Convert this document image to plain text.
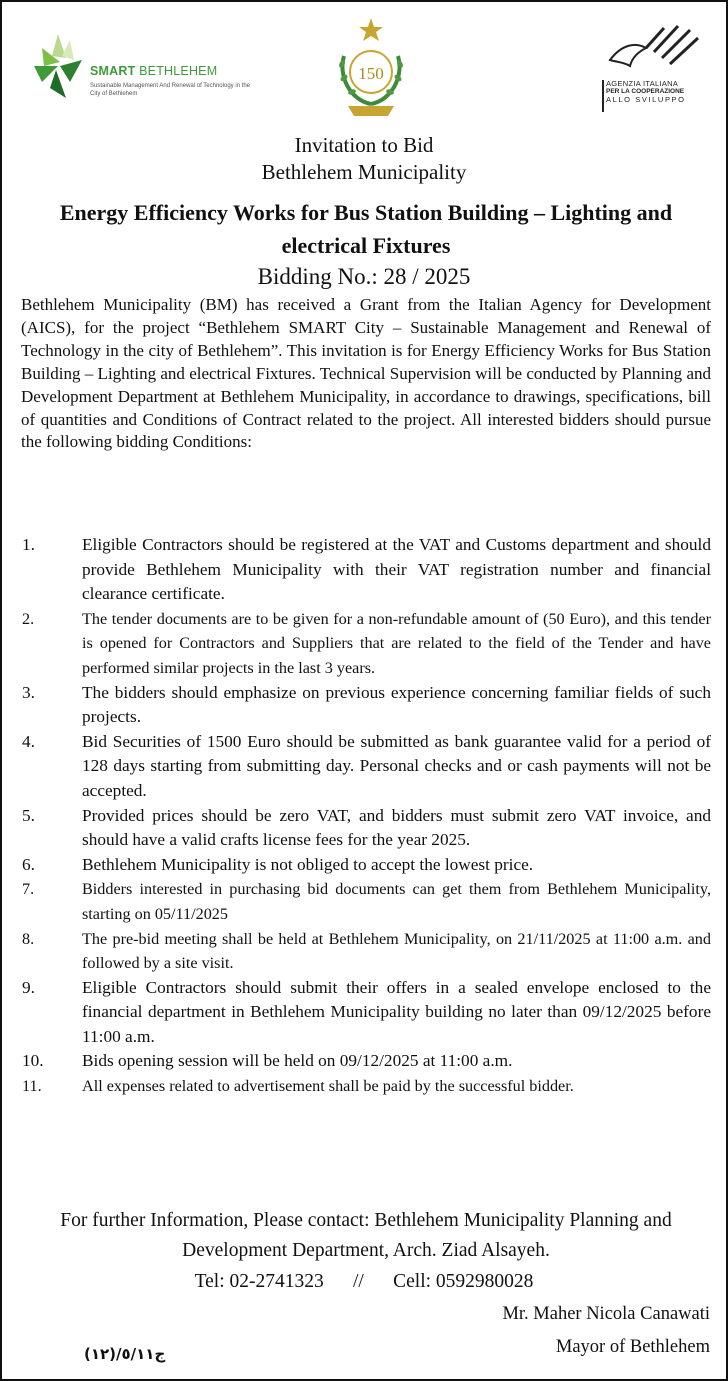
SMART BETHLEHEM
Sustainable Management And Renewal of Technology in the City of Bethlehem
150
AGENZIA ITALIANA
PER LA COOPERAZIONE
ALLO SVILUPPO
Invitation to Bid
Bethlehem Municipality
Energy Efficiency Works for Bus Station Building – Lighting and electrical Fixtures
Bidding No.: 28 / 2025
Bethlehem Municipality (BM) has received a Grant from the Italian Agency for Development (AICS), for the project “Bethlehem SMART City – Sustainable Management and Renewal of Technology in the city of Bethlehem”. This invitation is for Energy Efficiency Works for Bus Station Building – Lighting and electrical Fixtures. Technical Supervision will be conducted by Planning and Development Department at Bethlehem Municipality, in accordance to drawings, specifications, bill of quantities and Conditions of Contract related to the project. All interested bidders should pursue the following bidding Conditions:
1.	Eligible Contractors should be registered at the VAT and Customs department and should provide Bethlehem Municipality with their VAT registration number and financial clearance certificate.
2.	The tender documents are to be given for a non-refundable amount of (50 Euro), and this tender is opened for Contractors and Suppliers that are related to the field of the Tender and have performed similar projects in the last 3 years.
3.	The bidders should emphasize on previous experience concerning familiar fields of such projects.
4.	Bid Securities of 1500 Euro should be submitted as bank guarantee valid for a period of 128 days starting from submitting day. Personal checks and or cash payments will not be accepted.
5.	Provided prices should be zero VAT, and bidders must submit zero VAT invoice, and should have a valid crafts license fees for the year 2025.
6.	Bethlehem Municipality is not obliged to accept the lowest price.
7.	Bidders interested in purchasing bid documents can get them from Bethlehem Municipality, starting on 05/11/2025
8.	The pre-bid meeting shall be held at Bethlehem Municipality, on 21/11/2025 at 11:00 a.m. and followed by a site visit.
9.	Eligible Contractors should submit their offers in a sealed envelope enclosed to the financial department in Bethlehem Municipality building no later than 09/12/2025 before 11:00 a.m.
10. Bids opening session will be held on 09/12/2025 at 11:00 a.m.
11. All expenses related to advertisement shall be paid by the successful bidder.
For further Information, Please contact: Bethlehem Municipality Planning and Development Department, Arch. Ziad Alsayeh.
Tel: 02-2741323 // Cell: 0592980028
Mr. Maher Nicola Canawati
Mayor of Bethlehem
ج٥/١١/(١٢)
